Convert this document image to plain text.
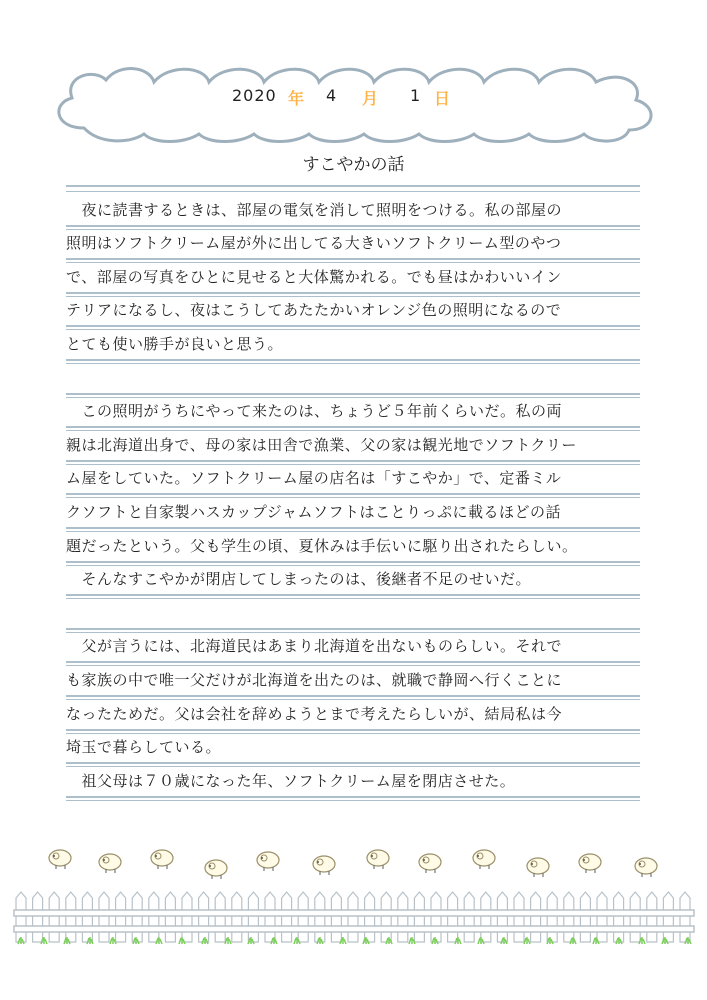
2020 年 4 月 1 日
すこやかの話
　夜に読書するときは、部屋の電気を消して照明をつける。私の部屋の
照明はソフトクリーム屋が外に出してる大きいソフトクリーム型のやつ
で、部屋の写真をひとに見せると大体驚かれる。でも昼はかわいいイン
テリアになるし、夜はこうしてあたたかいオレンジ色の照明になるので
とても使い勝手が良いと思う。
　この照明がうちにやって来たのは、ちょうど５年前くらいだ。私の両
親は北海道出身で、母の家は田舎で漁業、父の家は観光地でソフトクリー
ム屋をしていた。ソフトクリーム屋の店名は「すこやか」で、定番ミル
クソフトと自家製ハスカップジャムソフトはことりっぷに載るほどの話
題だったという。父も学生の頃、夏休みは手伝いに駆り出されたらしい。
　そんなすこやかが閉店してしまったのは、後継者不足のせいだ。
　父が言うには、北海道民はあまり北海道を出ないものらしい。それで
も家族の中で唯一父だけが北海道を出たのは、就職で静岡へ行くことに
なったためだ。父は会社を辞めようとまで考えたらしいが、結局私は今
埼玉で暮らしている。
　祖父母は７０歳になった年、ソフトクリーム屋を閉店させた。
